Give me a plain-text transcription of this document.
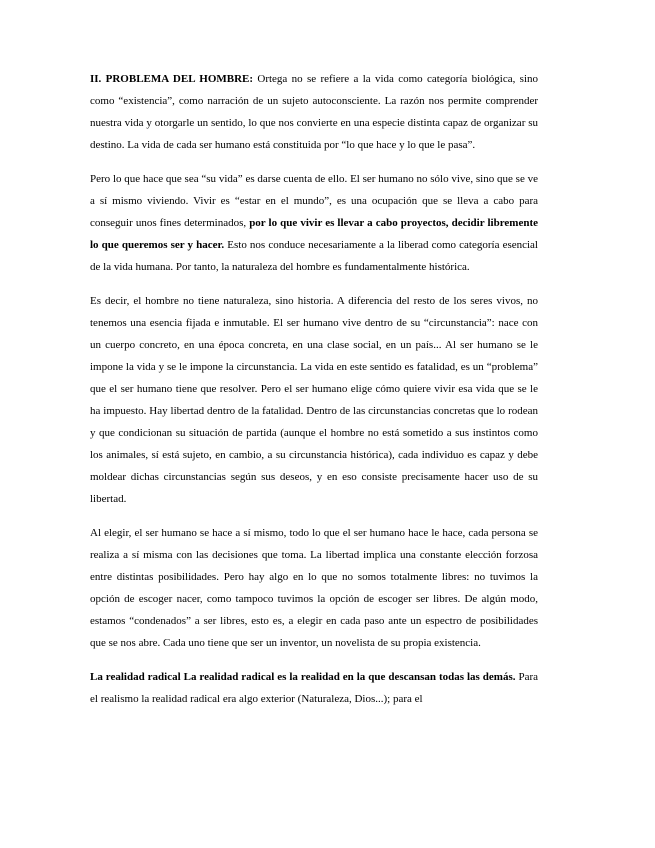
II. PROBLEMA DEL HOMBRE: Ortega no se refiere a la vida como categoría biológica, sino como “existencia”, como narración de un sujeto autoconsciente. La razón nos permite comprender nuestra vida y otorgarle un sentido, lo que nos convierte en una especie distinta capaz de organizar su destino. La vida de cada ser humano está constituida por “lo que hace y lo que le pasa”.

Pero lo que hace que sea “su vida” es darse cuenta de ello. El ser humano no sólo vive, sino que se ve a sí mismo viviendo. Vivir es “estar en el mundo”, es una ocupación que se lleva a cabo para conseguir unos fines determinados, por lo que vivir es llevar a cabo proyectos, decidir libremente lo que queremos ser y hacer. Esto nos conduce necesariamente a la liberad como categoría esencial de la vida humana. Por tanto, la naturaleza del hombre es fundamentalmente histórica.

Es decir, el hombre no tiene naturaleza, sino historia. A diferencia del resto de los seres vivos, no tenemos una esencia fijada e inmutable. El ser humano vive dentro de su “circunstancia”: nace con un cuerpo concreto, en una época concreta, en una clase social, en un país... Al ser humano se le impone la vida y se le impone la circunstancia. La vida en este sentido es fatalidad, es un “problema” que el ser humano tiene que resolver. Pero el ser humano elige cómo quiere vivir esa vida que se le ha impuesto. Hay libertad dentro de la fatalidad. Dentro de las circunstancias concretas que lo rodean y que condicionan su situación de partida (aunque el hombre no está sometido a sus instintos como los animales, sí está sujeto, en cambio, a su circunstancia histórica), cada individuo es capaz y debe moldear dichas circunstancias según sus deseos, y en eso consiste precisamente hacer uso de su libertad.

Al elegir, el ser humano se hace a sí mismo, todo lo que el ser humano hace le hace, cada persona se realiza a sí misma con las decisiones que toma. La libertad implica una constante elección forzosa entre distintas posibilidades. Pero hay algo en lo que no somos totalmente libres: no tuvimos la opción de escoger nacer, como tampoco tuvimos la opción de escoger ser libres. De algún modo, estamos “condenados” a ser libres, esto es, a elegir en cada paso ante un espectro de posibilidades que se nos abre. Cada uno tiene que ser un inventor, un novelista de su propia existencia.

La realidad radical La realidad radical es la realidad en la que descansan todas las demás. Para el realismo la realidad radical era algo exterior (Naturaleza, Dios...); para el
